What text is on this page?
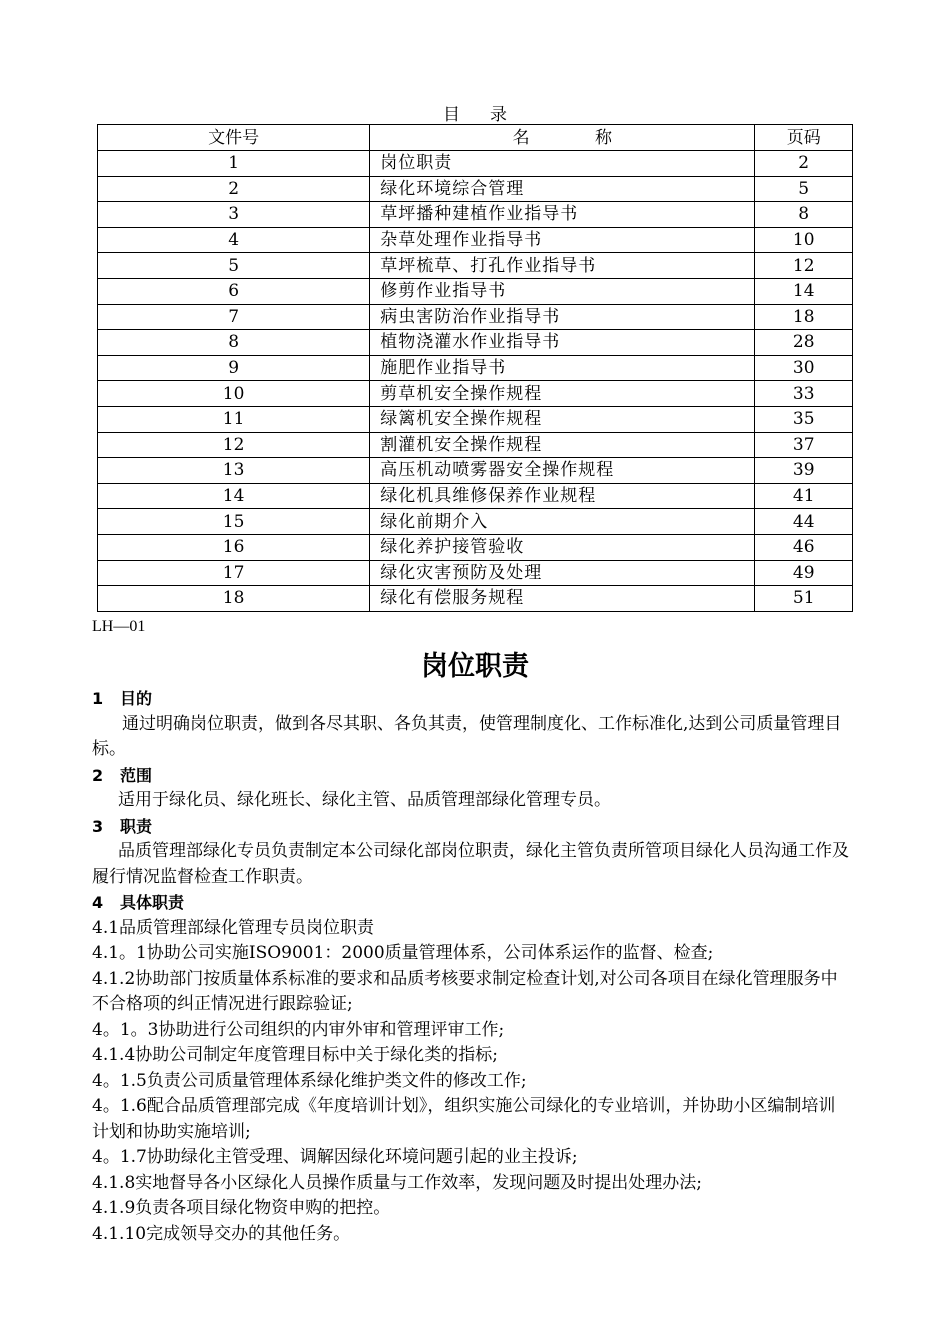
目录
文件号	名 称	页码
1	岗位职责	2
2	绿化环境综合管理	5
3	草坪播种建植作业指导书	8
4	杂草处理作业指导书	10
5	草坪梳草、打孔作业指导书	12
6	修剪作业指导书	14
7	病虫害防治作业指导书	18
8	植物浇灌水作业指导书	28
9	施肥作业指导书	30
10	剪草机安全操作规程	33
11	绿篱机安全操作规程	35
12	割灌机安全操作规程	37
13	高压机动喷雾器安全操作规程	39
14	绿化机具维修保养作业规程	41
15	绿化前期介入	44
16	绿化养护接管验收	46
17	绿化灾害预防及处理	49
18	绿化有偿服务规程	51
LH—01
岗位职责
1 目的
通过明确岗位职责，做到各尽其职、各负其责，使管理制度化、工作标准化,达到公司质量管理目标。
2 范围
适用于绿化员、绿化班长、绿化主管、品质管理部绿化管理专员。
3 职责
品质管理部绿化专员负责制定本公司绿化部岗位职责，绿化主管负责所管项目绿化人员沟通工作及履行情况监督检查工作职责。
4 具体职责
4.1品质管理部绿化管理专员岗位职责
4.1。1协助公司实施ISO9001：2000质量管理体系，公司体系运作的监督、检查;
4.1.2协助部门按质量体系标准的要求和品质考核要求制定检查计划,对公司各项目在绿化管理服务中不合格项的纠正情况进行跟踪验证;
4。1。3协助进行公司组织的内审外审和管理评审工作;
4.1.4协助公司制定年度管理目标中关于绿化类的指标;
4。1.5负责公司质量管理体系绿化维护类文件的修改工作;
4。1.6配合品质管理部完成《年度培训计划》，组织实施公司绿化的专业培训，并协助小区编制培训计划和协助实施培训;
4。1.7协助绿化主管受理、调解因绿化环境问题引起的业主投诉;
4.1.8实地督导各小区绿化人员操作质量与工作效率，发现问题及时提出处理办法;
4.1.9负责各项目绿化物资申购的把控。
4.1.10完成领导交办的其他任务。
